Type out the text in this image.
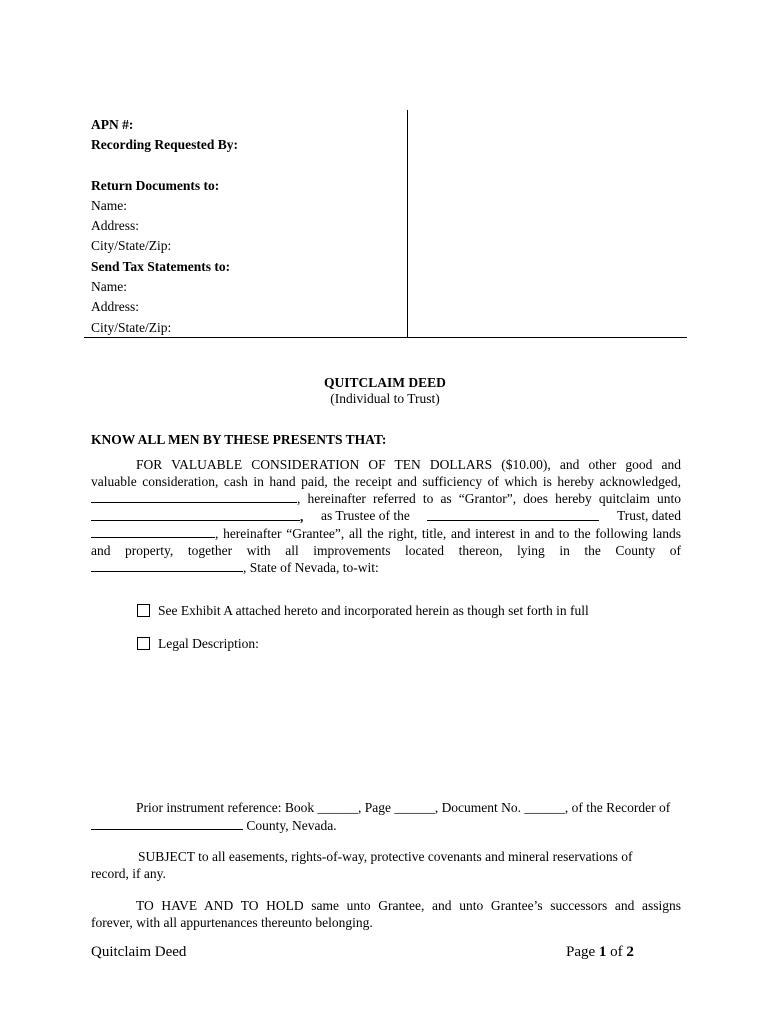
APN #:
Recording Requested By:
Return Documents to:
Name:
Address:
City/State/Zip:
Send Tax Statements to:
Name:
Address:
City/State/Zip:
QUITCLAIM DEED
(Individual to Trust)
KNOW ALL MEN BY THESE PRESENTS THAT:
FOR VALUABLE CONSIDERATION OF TEN DOLLARS ($10.00), and other good and
valuable consideration, cash in hand paid, the receipt and sufficiency of which is hereby acknowledged,
, hereinafter referred to as “Grantor”, does hereby quitclaim unto
, as Trustee of the	Trust, dated
, hereinafter “Grantee”, all the right, title, and interest in and to the following lands
and property, together with all improvements located thereon, lying in the County of
, State of Nevada, to-wit:
See Exhibit A attached hereto and incorporated herein as though set forth in full
Legal Description:
Prior instrument reference: Book ______, Page ______, Document No. ______, of the Recorder of
County, Nevada.
SUBJECT to all easements, rights-of-way, protective covenants and mineral reservations of
record, if any.
TO HAVE AND TO HOLD same unto Grantee, and unto Grantee’s successors and assigns
forever, with all appurtenances thereunto belonging.
Quitclaim Deed	Page 1 of 2
